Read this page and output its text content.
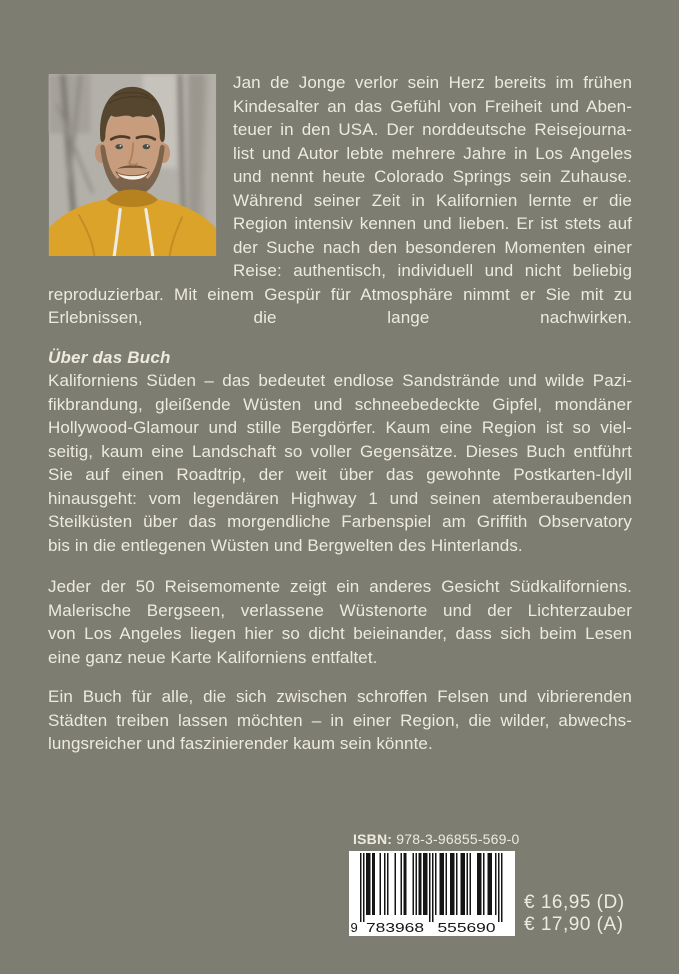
Jan de Jonge verlor sein Herz bereits im frühen
Kindesalter an das Gefühl von Freiheit und Aben-
teuer in den USA. Der norddeutsche Reisejourna-
list und Autor lebte mehrere Jahre in Los Angeles
und nennt heute Colorado Springs sein Zuhause.
Während seiner Zeit in Kalifornien lernte er die
Region intensiv kennen und lieben. Er ist stets auf
der Suche nach den besonderen Momenten einer
Reise: authentisch, individuell und nicht beliebig
reproduzierbar. Mit einem Gespür für Atmosphäre nimmt er Sie mit zu
Erlebnissen, die lange nachwirken.
Über das Buch
Kaliforniens Süden – das bedeutet endlose Sandstrände und wilde Pazi-
fikbrandung, gleißende Wüsten und schneebedeckte Gipfel, mondäner
Hollywood-Glamour und stille Bergdörfer. Kaum eine Region ist so viel-
seitig, kaum eine Landschaft so voller Gegensätze. Dieses Buch entführt
Sie auf einen Roadtrip, der weit über das gewohnte Postkarten-Idyll
hinausgeht: vom legendären Highway 1 und seinen atemberaubenden
Steilküsten über das morgendliche Farbenspiel am Griffith Observatory
bis in die entlegenen Wüsten und Bergwelten des Hinterlands.
Jeder der 50 Reisemomente zeigt ein anderes Gesicht Südkaliforniens.
Malerische Bergseen, verlassene Wüstenorte und der Lichterzauber
von Los Angeles liegen hier so dicht beieinander, dass sich beim Lesen
eine ganz neue Karte Kaliforniens entfaltet.
Ein Buch für alle, die sich zwischen schroffen Felsen und vibrierenden
Städten treiben lassen möchten – in einer Region, die wilder, abwechs-
lungsreicher und faszinierender kaum sein könnte.
ISBN: 978-3-96855-569-0
9 783968 555690
€ 16,95 (D)
€ 17,90 (A)
